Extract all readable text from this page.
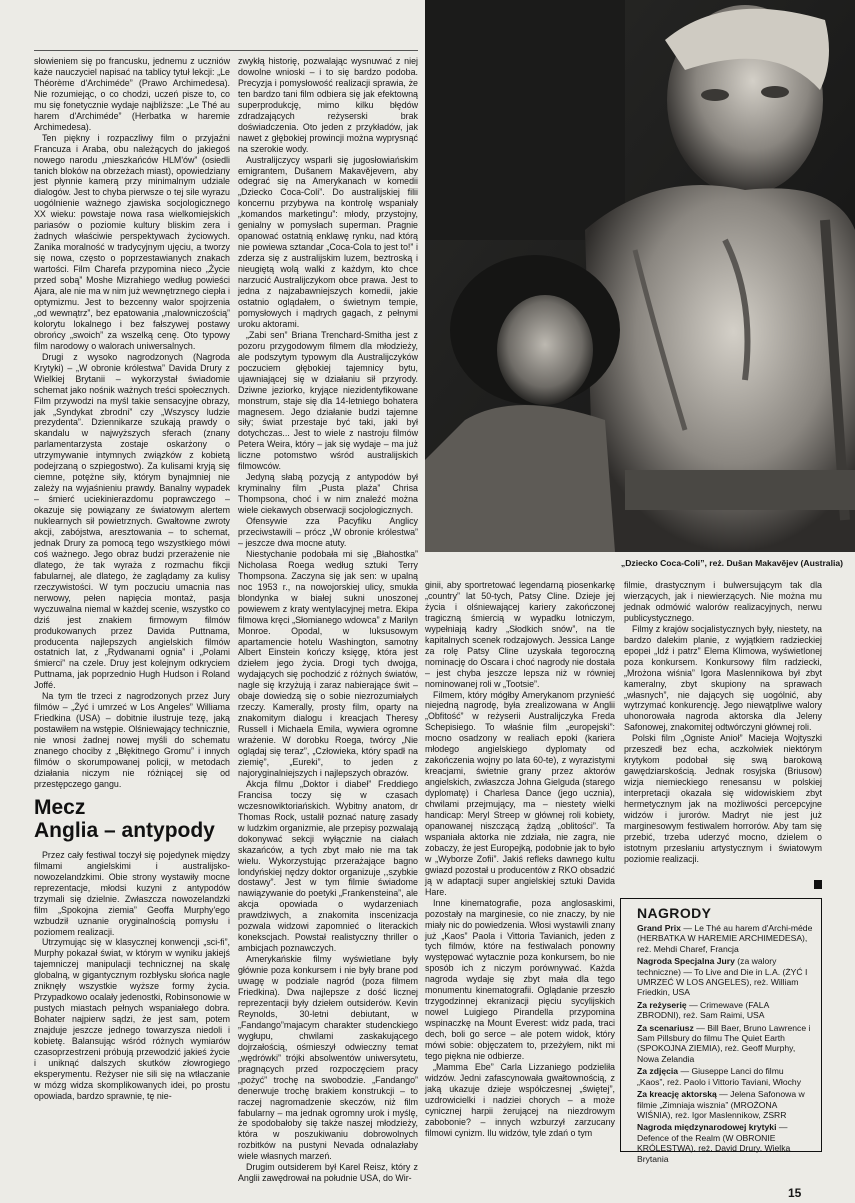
słowieniem się po francusku, jednemu z uczniów każe nauczyciel napisać na tablicy tytuł lekcji: „Le Théorème d'Archiméde” (Prawo Archimedesa). Nie rozumiejąc, o co chodzi, uczeń pisze to, co mu się fonetycznie wydaje najbliższe: „Le Thé au harem d'Archiméde” (Herbatka w haremie Archimedesa).

Ten piękny i rozpaczliwy film o przyjaźni Francuza i Araba, obu należących do jakiegoś nowego narodu „mieszkańców HLM'ów” (osiedli tanich bloków na obrzeżach miast), opowiedziany jest płynnie kamerą przy minimalnym udziale dialogów. Jest to chyba pierwsze o tej sile wyrazu uogólnienie ważnego zjawiska socjologicznego XX wieku: powstaje nowa rasa wielkomiejskich pariasów o poziomie kultury bliskim zera i żadnych właściwie perspektywach życiowych. Zanika moralność w tradycyjnym ujęciu, a tworzy się nowa, często o poprzestawianych znakach wartości. Film Charefa przypomina nieco „Życie przed sobą” Moshe Mizrahiego według powieści Ajara, ale nie ma w nim już wewnętrznego ciepła i optymizmu. Jest to bezcenny walor spojrzenia „od wewnątrz”, bez epatowania „malowniczością” kolorytu lokalnego i bez fałszywej postawy obrońcy „swoich” za wszelką cenę. Oto typowy film narodowy o walorach uniwersalnych.

Drugi z wysoko nagrodzonych (Nagroda Krytyki) – „W obronie królestwa” Davida Drury z Wielkiej Brytanii – wykorzystał świadomie schemat jako nośnik ważnych treści społecznych. Film przywodzi na myśl takie sensacyjne obrazy, jak „Syndykat zbrodni” czy „Wszyscy ludzie prezydenta”. Dziennikarze szukają prawdy o skandalu w najwyższych sferach (znany parlamentarzysta zostaje oskarżony o utrzymywanie intymnych związków z kobietą podejrzaną o szpiegostwo). Za kulisami kryją się ciemne, potężne siły, którym bynajmniej nie zależy na wyjaśnieniu prawdy. Banalny wypadek – śmierć uciekinierazdomu poprawczego – okazuje się powiązany ze światowym alertem nuklearnych sił powietrznych. Gwałtowne zwroty akcji, zabójstwa, aresztowania – to schemat, jednak Drury za pomocą tego wszystkiego mówi coś ważnego. Jego obraz budzi przerażenie nie dlatego, że tak wyraża z rozmachu fikcji fabularnej, ale dlatego, że zaglądamy za kulisy rzeczywistości. W tym poczuciu umacnia nas nerwowy, pełen napięcia montaż, pasja wyczuwalna niemal w każdej scenie, wszystko co dziś jest znakiem firmowym filmów produkowanych przez Davida Puttnama, producenta najlepszych angielskich filmów ostatnich lat, z „Rydwanami ognia” i „Polami śmierci” na czele. Druy jest kolejnym odkryciem Puttnama, jak poprzednio Hugh Hudson i Roland Joffé.

Na tym tle trzeci z nagrodzonych przez Jury filmów – „Żyć i umrzeć w Los Angeles” Williama Friedkina (USA) – dobitnie ilustruje tezę, jaką postawiłem na wstępie. Olśniewający technicznie, nie wnosi żadnej nowej myśli do schematu znanego chociby z „Błękitnego Gromu” i innych filmów o skorumpowanej policji, w metodach działania niczym nie różniącej się od przestępczego gangu.

Mecz
Anglia – antypody

Przez cały festiwal toczył się pojedynek między filmami angielskimi i australijsko-nowozelandzkimi. Obie strony wystawiły mocne reprezentacje, młodsi kuzyni z antypodów trzymali się dzielnie. Zwłaszcza nowozelandzki film „Spokojna ziemia” Geoffa Murphy'ego wzbudził uznanie oryginalnością pomysłu i poziomem realizacji.

Utrzymując się w klasycznej konwencji „sci-fi”, Murphy pokazał świat, w którym w wyniku jakiejś tajemniczej manipulacji technicznej na skalę globalną, w gigantycznym rozbłysku słońca nagle zniknęły wszystkie wyższe formy życia. Przypadkowo ocalały jedenostki, Robinsonowie w pustych miastach pełnych wspaniałego dobra. Bohater najpierw sądzi, że jest sam, potem znajduje jeszcze jednego towarzysza niedoli i kobietę. Balansując wśród różnych wymiarów czasoprzestrzeni próbują przewodzić jakieś życie i uniknąć dalszych skutków złowrogiego eksperymentu. Reżyser nie sili się na wtłaczanie w mózg widza skomplikowanych idei, po prostu opowiada, bardzo sprawnie, tę nie-

zwykłą historię, pozwalając wysnuwać z niej dowolne wnioski – i to się bardzo podoba. Precyzja i pomysłowość realizacji sprawia, że ten bardzo tani film odbiera się jak efektowną superprodukcję, mimo kilku błędów zdradzających reżyserski brak doświadczenia. Oto jeden z przykładów, jak nawet z głębokiej prowincji można wyprysnąć na szerokie wody.

Australijczycy wsparli się jugosłowiańskim emigrantem, Dušanem Makavějevem, aby odegrać się na Amerykanach w komedii „Dziecko Coca-Coli”. Do australijskiej filii koncernu przybywa na kontrolę wspaniały „komandos marketingu”: młody, przystojny, genialny w pomysłach superman. Pragnie opanować ostatnią enklawę rynku, nad którą nie powiewa sztandar „Coca-Cola to jest to!” i zderza się z australijskim luzem, beztroską i nieugiętą wolą walki z każdym, kto chce narzucić Australijczykom obce prawa. Jest to jedna z najzabawniejszych komedii, jakie ostatnio oglądałem, o świetnym tempie, pomysłowych i mądrych gagach, z pełnymi uroku aktorami.

„Zabi sen” Briana Trenchard-Smitha jest z pozoru przygodowym filmem dla młodzieży, ale podszytym typowym dla Australijczyków poczuciem głębokiej tajemnicy bytu, ujawniającej się w działaniu sił przyrody. Dziwne jeziorko, kryjące niezidentyfikowane monstrum, staje się dla 14-letniego bohatera magnesem. Jego działanie budzi tajemne siły; świat przestaje być taki, jaki był dotychczas... Jest to wiele z nastroju filmów Petera Weira, który – jak się wydaje – ma już liczne potomstwo wśród australijskich filmowców.

Jedyną słabą pozycją z antypodów był kryminalny film „Pusta plaża” Chrisa Thompsona, choć i w nim znaleźć można wiele ciekawych obserwacji socjologicznych.

Ofensywie zza Pacyfiku Anglicy przeciwstawili – prócz „W obronie królestwa” – jeszcze dwa mocne atuty.

Niestychanie podobała mi się „Błahostka” Nicholasa Roega według sztuki Terry Thompsona. Zaczyna się jak sen: w upalną noc 1953 r., na nowojorskiej ulicy, smukła blondynka w białej sukni unoszonej powiewem z kraty wentylacyjnej metra. Ekipa filmowa kręci „Słomianego wdowca” z Marilyn Monroe. Opodal, w luksusowym apartamencie hotelu Washington, samotny Albert Einstein kończy księgę, która jest dziełem jego życia. Drogi tych dwojga, wydających się pochodzić z różnych światów, nagle się krzyżują i zaraz nabierające świt – obaje dowiedzą się o sobie niezrozumiałych rzeczy. Kamerally, prosty film, oparty na znakomitym dialogu i kreacjach Theresy Russell i Michaela Emila, wywiera ogromne wrażenie. W dorobku Roega, twórcy „Nie oglądaj się teraz”, „Człowieka, który spadł na ziemię”, „Eureki”, to jeden z najoryginalniejszych i najlepszych obrazów.

Akcja filmu „Doktor i diabeł” Freddiego Francisa toczy się w czasach wczesnowiktoriańskich. Wybitny anatom, dr Thomas Rock, ustalił poznać naturę zasady w ludzkim organizmie, ale przepisy pozwalają dokonywać sekcji wyłącznie na ciałach skazańców, a tych zbyt mało nie ma tak wielu. Wykorzystując przerażające bagno londyńskiej nędzy doktor organizuje ,,szybkie dostawy”. Jest w tym filmie świadome nawiązywanie do poetyki „Frankensteina”, ale akcja opowiada o wydarzeniach prawdziwych, a znakomita inscenizacja pozwala widzowi zapomnieć o literackich konekscjach. Powstał realistyczny thriller o ambicjach poznawczych.

Amerykańskie filmy wyświetlane były głównie poza konkursem i nie były brane pod uwagę w podziale nagród (poza filmem Friedkina). Dwa najlepsze z dość licznej reprezentacji były dziełem outsiderów. Kevin Reynolds, 30-letni debiutant, w „Fandango”majacym charakter studenckiego wygłupu, chwilami zaskakującego dojrzałością, ośmieszył odwieczny temat „wędrówki” trójki absolwentów uniwersytetu, pragnących przed rozpoczęciem pracy „pożyć” trochę na swobodzie. „Fandango” denerwuje trochę brakiem konstrukcji – to raczej nagromadzenie skeczów, niż film fabularny – ma jednak ogromny urok i myślę, że spodobałoby się także naszej młodzieży, która w poszukiwaniu dobrowolnych rozbitków na pustyni Nevada odnalazłaby wiele własnych marzeń.

Drugim outsiderem był Karel Reisz, który z Anglii zawędrował na południe USA, do Wir-

„Dziecko Coca-Coli”, reż. Dušan Makavějev (Australia)

ginii, aby sportretować legendarną piosenkarkę „country” lat 50-tych, Patsy Cline. Dzieje jej życia i olśniewającej kariery zakończonej tragiczną śmiercią w wypadku lotniczym, wypełniają kadry „Słodkich snów”, na tle kapitalnych scenek rodzajowych. Jessica Lange za rolę Patsy Cline uzyskała tegoroczną nominację do Oscara i choć nagrody nie dostała – jest chyba jeszcze lepsza niż w równiej nominowanej roli w „Tootsie”.

Filmem, który mógłby Amerykanom przynieść niejedną nagrodę, była zrealizowana w Anglii „Obfitość” w reżyserii Australijczyka Freda Schepisiego. To właśnie film „europejski”: mocno osadzony w realiach epoki (kariera młodego angielskiego dyplomaty od zakończenia wojny po lata 60-te), z wyrazistymi kreacjami, świetnie grany przez aktorów angielskich, zwłaszcza Johna Gielguda (starego dyplomatę) i Charlesa Dance (jego ucznia), chwilami przejmujący, ma – niestety wielki handicap: Meryl Streep w głównej roli kobiety, opanowanej niszczącą żądzą „oblitości”. Ta wspaniała aktorka nie zdziała, nie zagra, nie zobaczy, że jest Europejką, podobnie jak to było w „Wyborze Zofii”. Jakiś refleks dawnego kultu gwiazd pozostał u producentów z RKO obsadzić ją w adaptacji super angielskiej sztuki Davida Hare.

Inne kinematografie, poza anglosaskimi, pozostały na marginesie, co nie znaczy, by nie miały nic do powiedzenia. Włosi wystawili znany już „Kaos” Paola i Vittoria Tavianich, jeden z tych filmów, które na festiwalach ponowny występować wytacznie poza konkursem, bo nie sposób ich z niczym porównywać. Każda nagroda wydaje się zbyt mała dla tego monumentu kinematografii. Oglądanie przeszło trzygodzinnej ekranizacji pięciu sycylijskich nowel Luigiego Pirandella przypomina wspinaczkę na Mount Everest: widz pada, traci dech, boli go serce – ale potem widok, który mówi sobie: objęczatem to, przeżyłem, nikt mi tego piękna nie odbierze.

„Mamma Ebe” Carla Lizzaniego podzieliła widzów. Jedni zafascynowała gwałtownością, z jaką ukazuje dzieje współczesnej „świętej”, uzdrowicielki i nadziei chorych – a może cynicznej harpii żerującej na niezdrowym zabobonie? – innych wzburzył zarzucany filmowi cynizm. Ilu widzów, tyle zdań o tym

filmie, drastycznym i bulwersującym tak dla wierzących, jak i niewierzących. Nie można mu jednak odmówić walorów realizacyjnych, nerwu publicystycznego.

Filmy z krajów socjalistycznych były, niestety, na bardzo dalekim planie, z wyjątkiem radzieckiej epopei „Idź i patrz” Elema Klimowa, wyświetlonej poza konkursem. Konkursowy film radziecki, „Mrożona wiśnia” Igora Maslennikowa był zbyt kameralny, zbyt skupiony na sprawach „własnych”, nie dających się uogólnić, aby wytrzymać konkurencję. Jego niewątpliwe walory uhonorowała nagroda aktorska dla Jeleny Safonowej, znakomitej odtwórczyni głównej roli.

Polski film „Ogniste Anioł” Macieja Wojtyszki przeszedł bez echa, aczkolwiek niektórym krytykom podobał się swą barokową gawędziarskością. Jednak rosyjska (Briusow) wizja niemieckiego renesansu w polskiej interpretacji okazała się widowiskiem zbyt hermetycznym jak na możliwości percepcyjne widzów i jurorów. Madryt nie jest już marginesowym festiwalem horrorów. Aby tam się przebić, trzeba uderzyć mocno, dzielem o istotnym przesłaniu artystycznym i światowym poziomie realizacji.

NAGRODY
Grand Prix — Le Thé au harem d'Archi-méde (HERBATKA W HAREMIE ARCHIMEDESA), reż. Mehdi Charef, Francja
Nagroda Specjalna Jury (za walory techniczne) — To Live and Die in L.A. (ŻYĆ I UMRZEĆ W LOS ANGELES), reż. William Friedkin, USA
Za reżyserię — Crimewave (FALA ZBRODNI), reż. Sam Raimi, USA
Za scenariusz — Bill Baer, Bruno Lawrence i Sam Pillsbury do filmu The Quiet Earth (SPOKOJNA ZIEMIA), reż. Geoff Murphy, Nowa Zelandia
Za zdjęcia — Giuseppe Lanci do filmu „Kaos”, reż. Paolo i Vittorio Taviani, Włochy
Za kreację aktorską — Jelena Safonowa w filmie „Zimniaja wisznia” (MROŻONA WIŚNIA), reż. Igor Maslennikow, ZSRR
Nagroda międzynarodowej krytyki — Defence of the Realm (W OBRONIE KRÓLESTWA), reż. David Drury, Wielka Brytania
15
